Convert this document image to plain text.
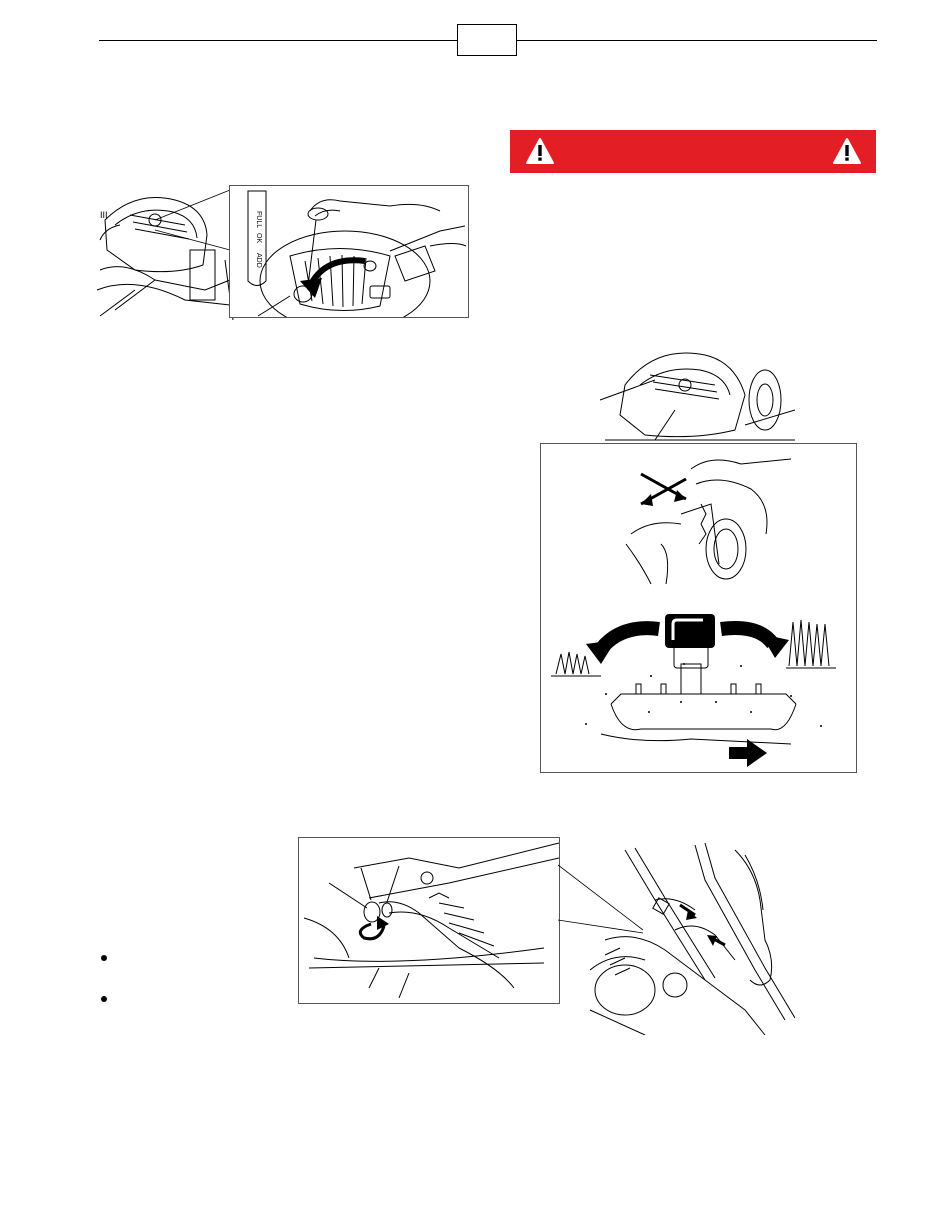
III	FULL
OK
ADD
